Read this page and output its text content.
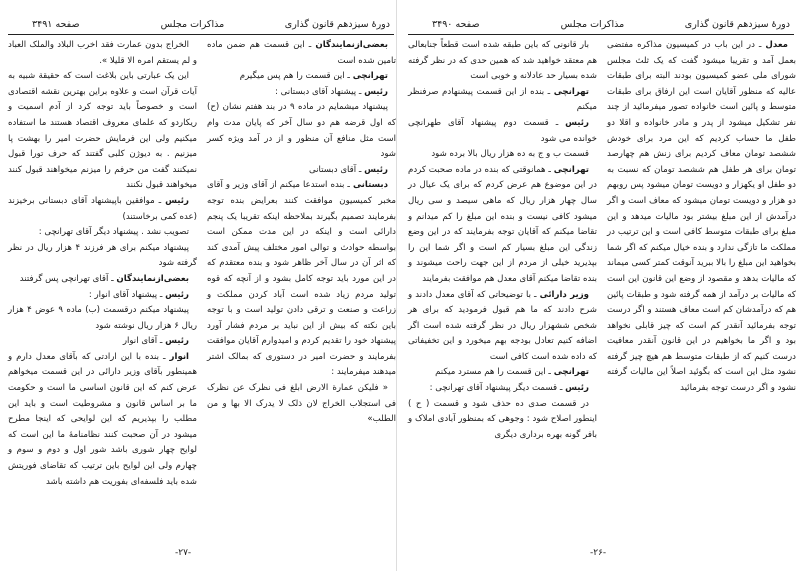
دورهٔ سیزدهم قانون گذاری
مذاکرات مجلس
صفحه ۳۴۹۱

بعضی‌ازنمایندگان ـ این قسمت هم ضمن ماده تامین شده است

تهرانچی ـ این قسمت را هم پس میگیرم

رئیس ـ پیشنهاد آقای دبستانی :

پیشنهاد میشمایم در ماده ۹ در بند هفتم نشان (ح) که اول قرضه هم دو سال آخر که پایان مدت وام است مثل منافع آن منظور و از در آمد ویژه کسر شود

رئیس ـ آقای دبستانی

دبستانی ـ بنده استدعا میکنم از آقای وزیر و آقای مخبر کمیسیون موافقت کنند بعرایض بنده توجه بفرمایند تصمیم بگیرند بملاحظه اینکه تقریبا یک پنجم دارائی است و اینکه در این مدت ممکن است بواسطه حوادث و توالی امور مختلف پیش آمدی کند که اثر آن در سال آخر ظاهر شود و بنده معتقدم که در این مورد باید توجه کامل بشود و از آنچه که قوه تولید مردم زیاد شده است آباد کردن مملکت و زراعت و صنعت و ترقی دادن تولید است و با توجه باین نکته که بیش از این نباید بر مردم فشار آورد پیشنهاد خود را تقدیم کردم و امیدوارم آقایان موافقت بفرمایند و حضرت امیر در دستوری که بمالک اشتر میدهند میفرمایند :

« فلیکن عمارة الارض ابلغ فی نظرک عن نظرک فی استجلاب الخراج لان ذلک لا یدرک الا بها و من الطلب»

الخراج بدون عمارت فقد اخرب البلاد والملک العباد و لم یستقم امره الا قلیلا ».

این یک عبارتی باین بلاغت است که حقیقة شبیه به آیات قرآن است و علاوه براین بهترین نقشه اقتصادی است و خصوصاً باید توجه کرد از آدم اسمیت و ریکاردو که علمای معروف اقتصاد هستند ما استفاده میکنیم ولی این فرمایش حضرت امیر را بهشت پا میزنیم . به دیوژن کلبی گفتند که حرف تورا قبول نمیکنند گفت من حرفم را میزنم میخواهند قبول کنند میخواهند قبول نکنند

رئیس ـ موافقین باپیشنهاد آقای دبستانی برخیزند (عده کمی برخاستند)

تصویب نشد . پیشنهاد دیگر آقای تهرانچی :

پیشنهاد میکنم برای هر فرزند ۴ هزار ریال در نظر گرفته شود

بعضی‌ازنمایندگان ـ آقای تهرانچی پس گرفتند

رئیس ـ پیشنهاد آقای انوار :

پیشنهاد میکنم درقسمت (ب) ماده ۹ عوض ۴ هزار ریال ۶ هزار ریال نوشته شود

رئیس ـ آقای انوار

انوار ـ بنده با این ارادتی که بآقای معدل دارم و همینطور بآقای وزیر دارائی در این قسمت میخواهم عرض کنم که این قانون اساسی ما است و حکومت ما بر اساس قانون و مشروطیت است و باید این مطلب را بپذیریم که این لوایحی که اینجا مطرح میشود در آن صحبت کنند نظامنامهٔ ما این است که لوایح چهار شوری باشد شور اول و دوم و سوم و چهارم ولی این لوایح باین ترتیب که تقاضای فوریتش شده باید فلسفه‌ای بفوریت هم داشته باشد

-۲۷-
دورهٔ سیزدهم قانون گذاری
مذاکرات مجلس
صفحه ۳۴۹۰

معدل ـ در این باب در کمیسیون مذاکره مفتضی بعمل آمد و تقریبا میشود گفت که یک ثلث مجلس شورای ملی عضو کمیسیون بودند البته برای طبقات عالیه که منظور آقایان است این ارفاق برای طبقات متوسط و پائین است خانواده تصور میفرمائید از چند نفر تشکیل میشود از پدر و مادر خانواده و اقلا دو طفل ما حساب کردیم که این مرد برای خودش ششصد تومان معاف کردیم برای زنش هم چهارصد تومان برای هر طفل هم ششصد تومان که نسبت به دو طفل او یکهزار و دویست تومان میشود پس روبهم دو هزار و دویست تومان میشود که معاف است و اگر درآمدش از این مبلغ بیشتر بود مالیات میدهد و این مبلغ برای طبقات متوسط کافی است و این ترتیب در مملکت ما تازگی ندارد و بنده خیال میکنم که اگر شما بخواهید این مبلغ را بالا ببرید آنوقت کمتر کسی میماند که مالیات بدهد و مقصود از وضع این قانون این است که مالیات بر درآمد از همه گرفته شود و طبقات پائین هم که درآمدشان کم است معاف هستند و اگر درست توجه بفرمائید آنقدر کم است که چیز قابلی نخواهد بود و اگر ما بخواهیم در این قانون آنقدر معافیت درست کنیم که از طبقات متوسط هم هیچ چیز گرفته نشود مثل این است که بگوئید اصلاً این مالیات گرفته نشود و اگر درست توجه بفرمائید

بار قانونی که باین طبقه شده است قطعاً جنابعالی هم معتقد خواهید شد که همین حدی که در نظر گرفته شده بسیار حد عادلانه و خوبی است

تهرانچی ـ بنده از این قسمت پیشنهادم صرفنظر میکنم

رئیس ـ قسمت دوم پیشنهاد آقای طهرانچی خوانده می شود

قسمت ب و ج به ده هزار ریال بالا برده شود

تهرانچی ـ همانوقتی که بنده در ماده صحبت کردم در این موضوع هم عرض کردم که برای یک عیال در سال چهار هزار ریال که ماهی سیصد و سی ریال میشود کافی نیست و بنده این مبلغ را کم میدانم و تقاضا میکنم که آقایان توجه بفرمایند که در این وضع زندگی این مبلغ بسیار کم است و اگر شما این را بپذیرید خیلی از مردم از این جهت راحت میشوند و بنده تقاضا میکنم آقای معدل هم موافقت بفرمایند

وزیر دارائی ـ با توضیحاتی که آقای معدل دادند و شرح دادند که ما هم قبول فرمودید که برای هر شخص ششهزار ریال در نظر گرفته شده است اگر اضافه کنیم تعادل بودجه بهم میخورد و این تخفیفاتی که داده شده است کافی است

تهرانچی ـ این قسمت را هم مسترد میکنم

رئیس ـ قسمت دیگر پیشنهاد آقای تهرانچی :

در قسمت صدی ده حذف شود و قسمت ( ح ) اینطور اصلاح شود : وجوهی که بمنظور آبادی املاک و بافر گونه بهره برداری دیگری

-۲۶-
